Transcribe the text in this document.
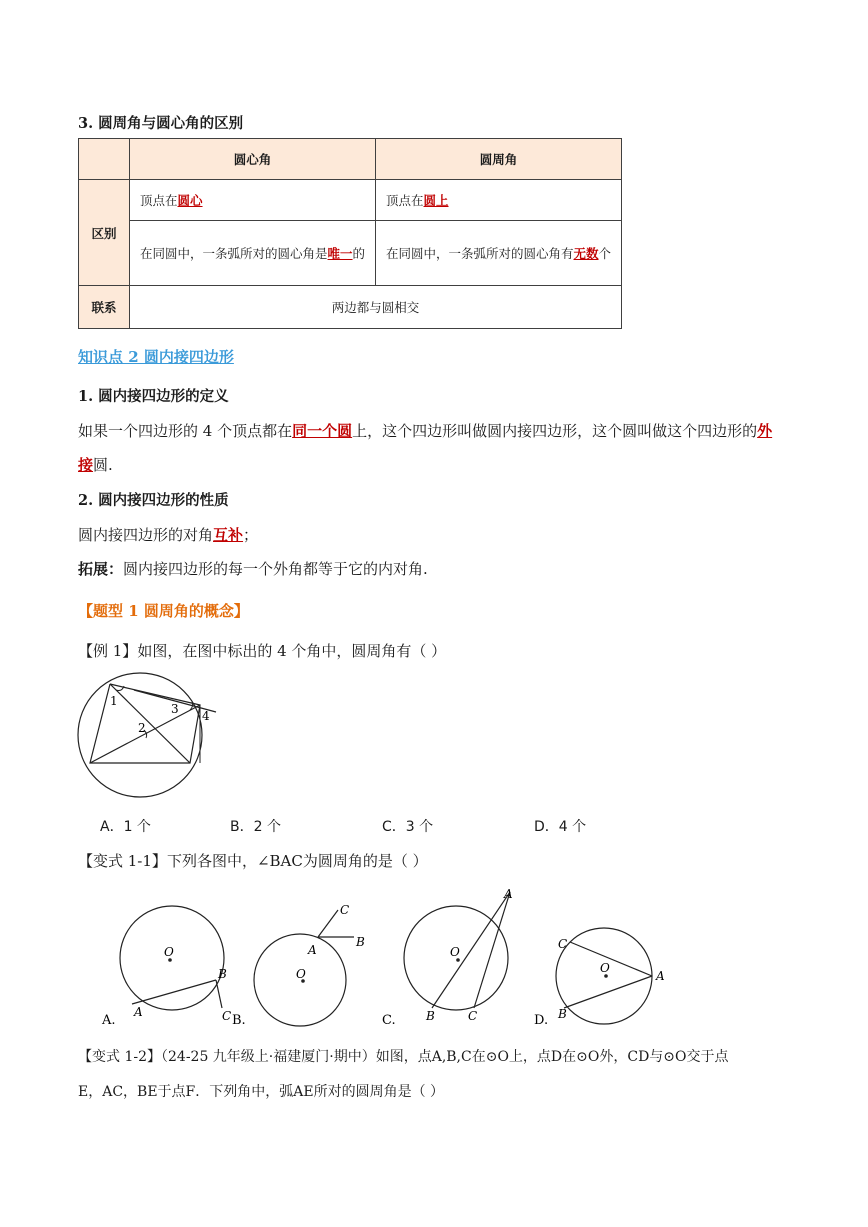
3. 圆周角与圆心角的区别
	圆心角	圆周角
区别	顶点在圆心	顶点在圆上
	在同圆中，一条弧所对的圆心角是唯一的	在同圆中，一条弧所对的圆心角有无数个
联系	两边都与圆相交	
知识点 2 圆内接四边形
1. 圆内接四边形的定义
如果一个四边形的 4 个顶点都在同一个圆上，这个四边形叫做圆内接四边形，这个圆叫做这个四边形的外
接圆.
2. 圆内接四边形的性质
圆内接四边形的对角互补；
拓展：圆内接四边形的每一个外角都等于它的内对角.
【题型 1 圆周角的概念】
【例 1】如图，在图中标出的 4 个角中，圆周角有（ ）
1
2
3 4
A．1 个	B．2 个	C．3 个	D．4 个
【变式 1-1】下列各图中，∠BAC为圆周角的是（ ）
O
A
B
C
A.
O
A
B
C
B.
O
A
B	C
C.
O
A
B
C
D.
【变式 1-2】（24-25 九年级上·福建厦门·期中）如图，点A,B,C在⊙O上，点D在⊙O外，CD与⊙O交于点
E，AC，BE于点F．下列角中，弧AE所对的圆周角是（ ）
